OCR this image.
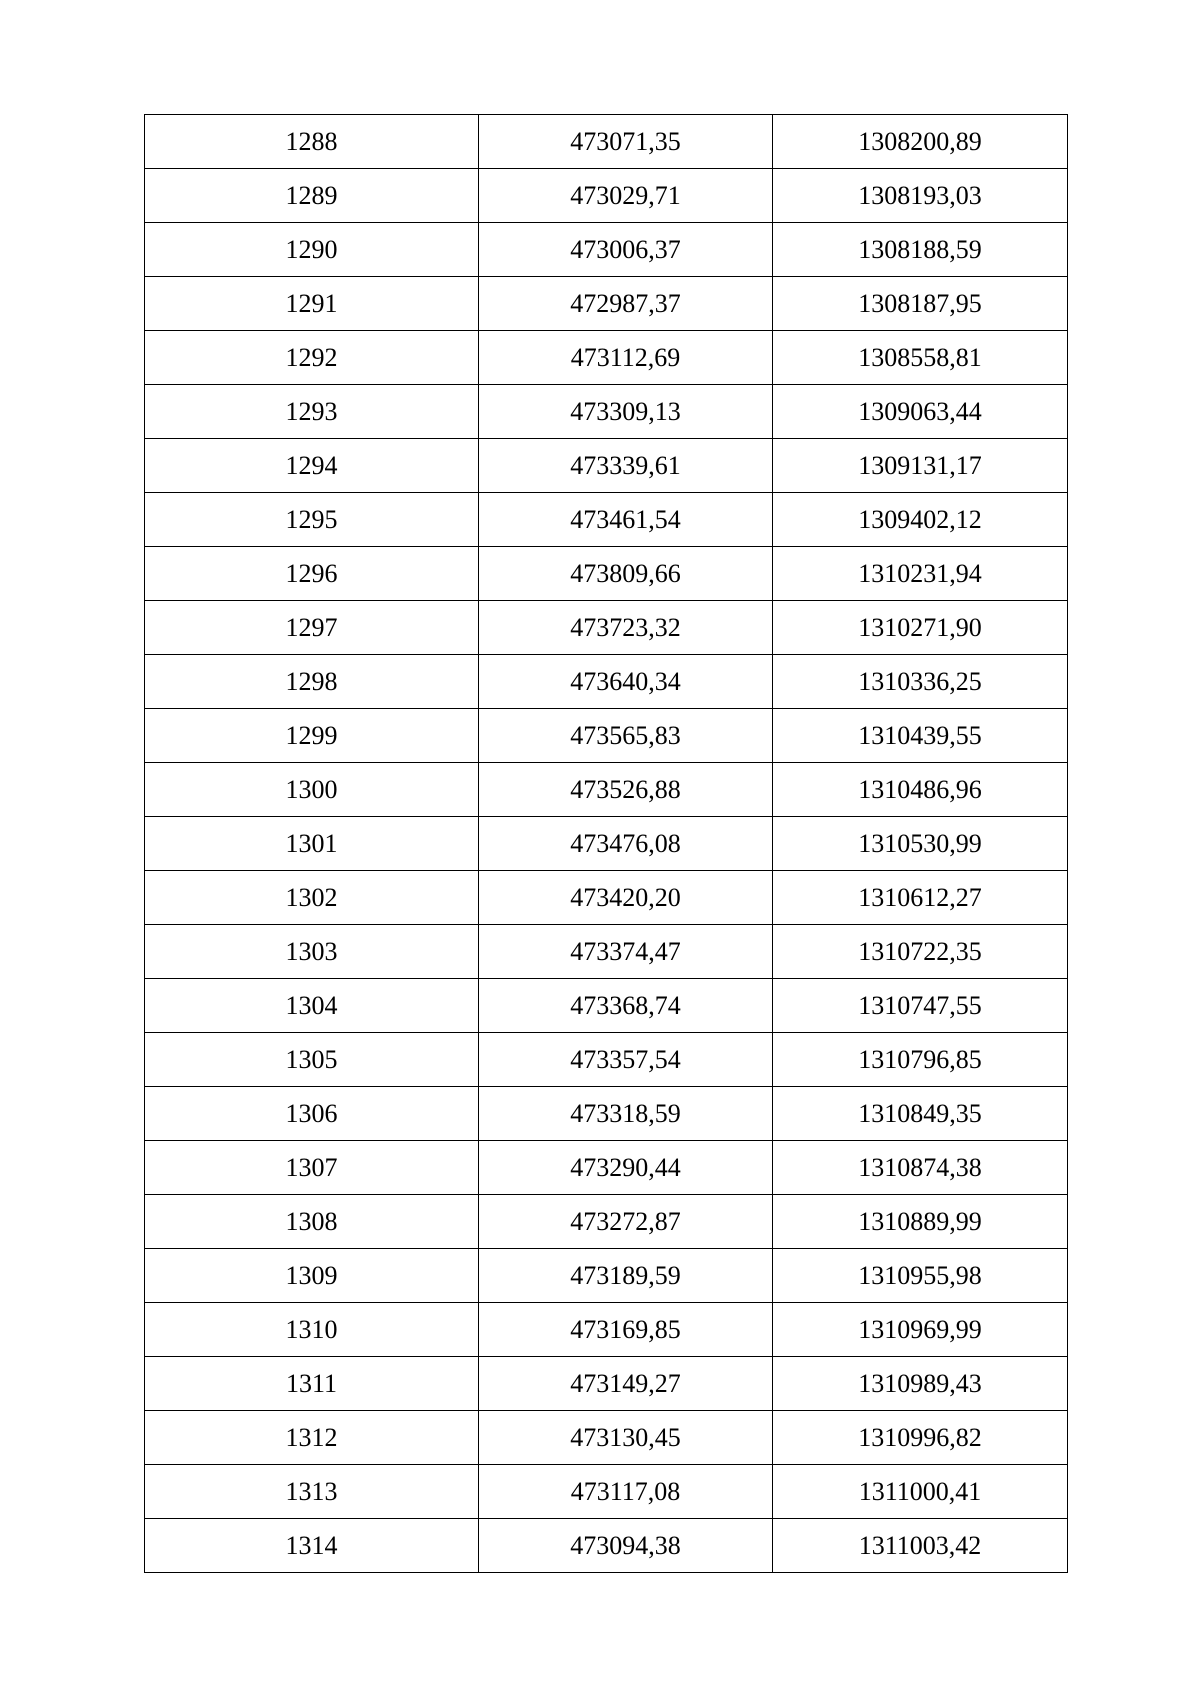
1288	473071,35	1308200,89
1289	473029,71	1308193,03
1290	473006,37	1308188,59
1291	472987,37	1308187,95
1292	473112,69	1308558,81
1293	473309,13	1309063,44
1294	473339,61	1309131,17
1295	473461,54	1309402,12
1296	473809,66	1310231,94
1297	473723,32	1310271,90
1298	473640,34	1310336,25
1299	473565,83	1310439,55
1300	473526,88	1310486,96
1301	473476,08	1310530,99
1302	473420,20	1310612,27
1303	473374,47	1310722,35
1304	473368,74	1310747,55
1305	473357,54	1310796,85
1306	473318,59	1310849,35
1307	473290,44	1310874,38
1308	473272,87	1310889,99
1309	473189,59	1310955,98
1310	473169,85	1310969,99
1311	473149,27	1310989,43
1312	473130,45	1310996,82
1313	473117,08	1311000,41
1314	473094,38	1311003,42
